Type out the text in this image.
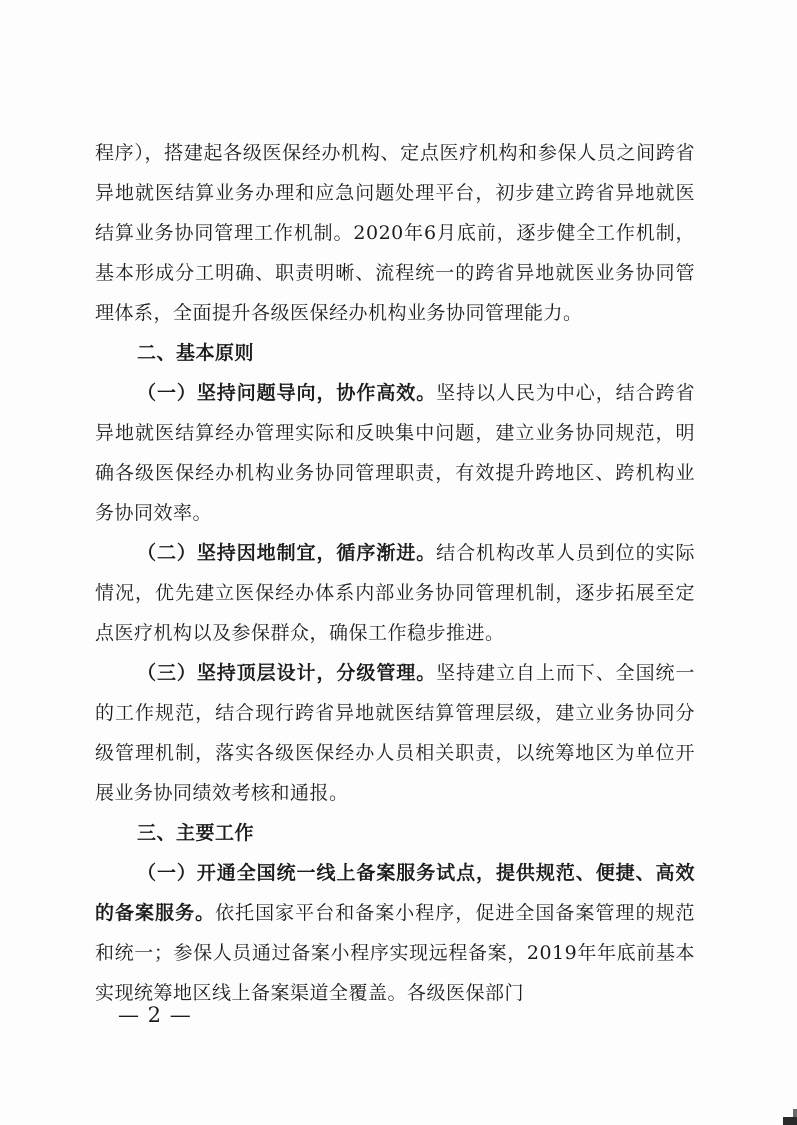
程序），搭建起各级医保经办机构、定点医疗机构和参保人员之间跨省异地就医结算业务办理和应急问题处理平台，初步建立跨省异地就医结算业务协同管理工作机制。2020年6月底前，逐步健全工作机制，基本形成分工明确、职责明晰、流程统一的跨省异地就医业务协同管理体系，全面提升各级医保经办机构业务协同管理能力。

二、基本原则

（一）坚持问题导向，协作高效。坚持以人民为中心，结合跨省异地就医结算经办管理实际和反映集中问题，建立业务协同规范，明确各级医保经办机构业务协同管理职责，有效提升跨地区、跨机构业务协同效率。

（二）坚持因地制宜，循序渐进。结合机构改革人员到位的实际情况，优先建立医保经办体系内部业务协同管理机制，逐步拓展至定点医疗机构以及参保群众，确保工作稳步推进。

（三）坚持顶层设计，分级管理。坚持建立自上而下、全国统一的工作规范，结合现行跨省异地就医结算管理层级，建立业务协同分级管理机制，落实各级医保经办人员相关职责，以统筹地区为单位开展业务协同绩效考核和通报。

三、主要工作

（一）开通全国统一线上备案服务试点，提供规范、便捷、高效的备案服务。依托国家平台和备案小程序，促进全国备案管理的规范和统一；参保人员通过备案小程序实现远程备案，2019年年底前基本实现统筹地区线上备案渠道全覆盖。各级医保部门

— 2 —
